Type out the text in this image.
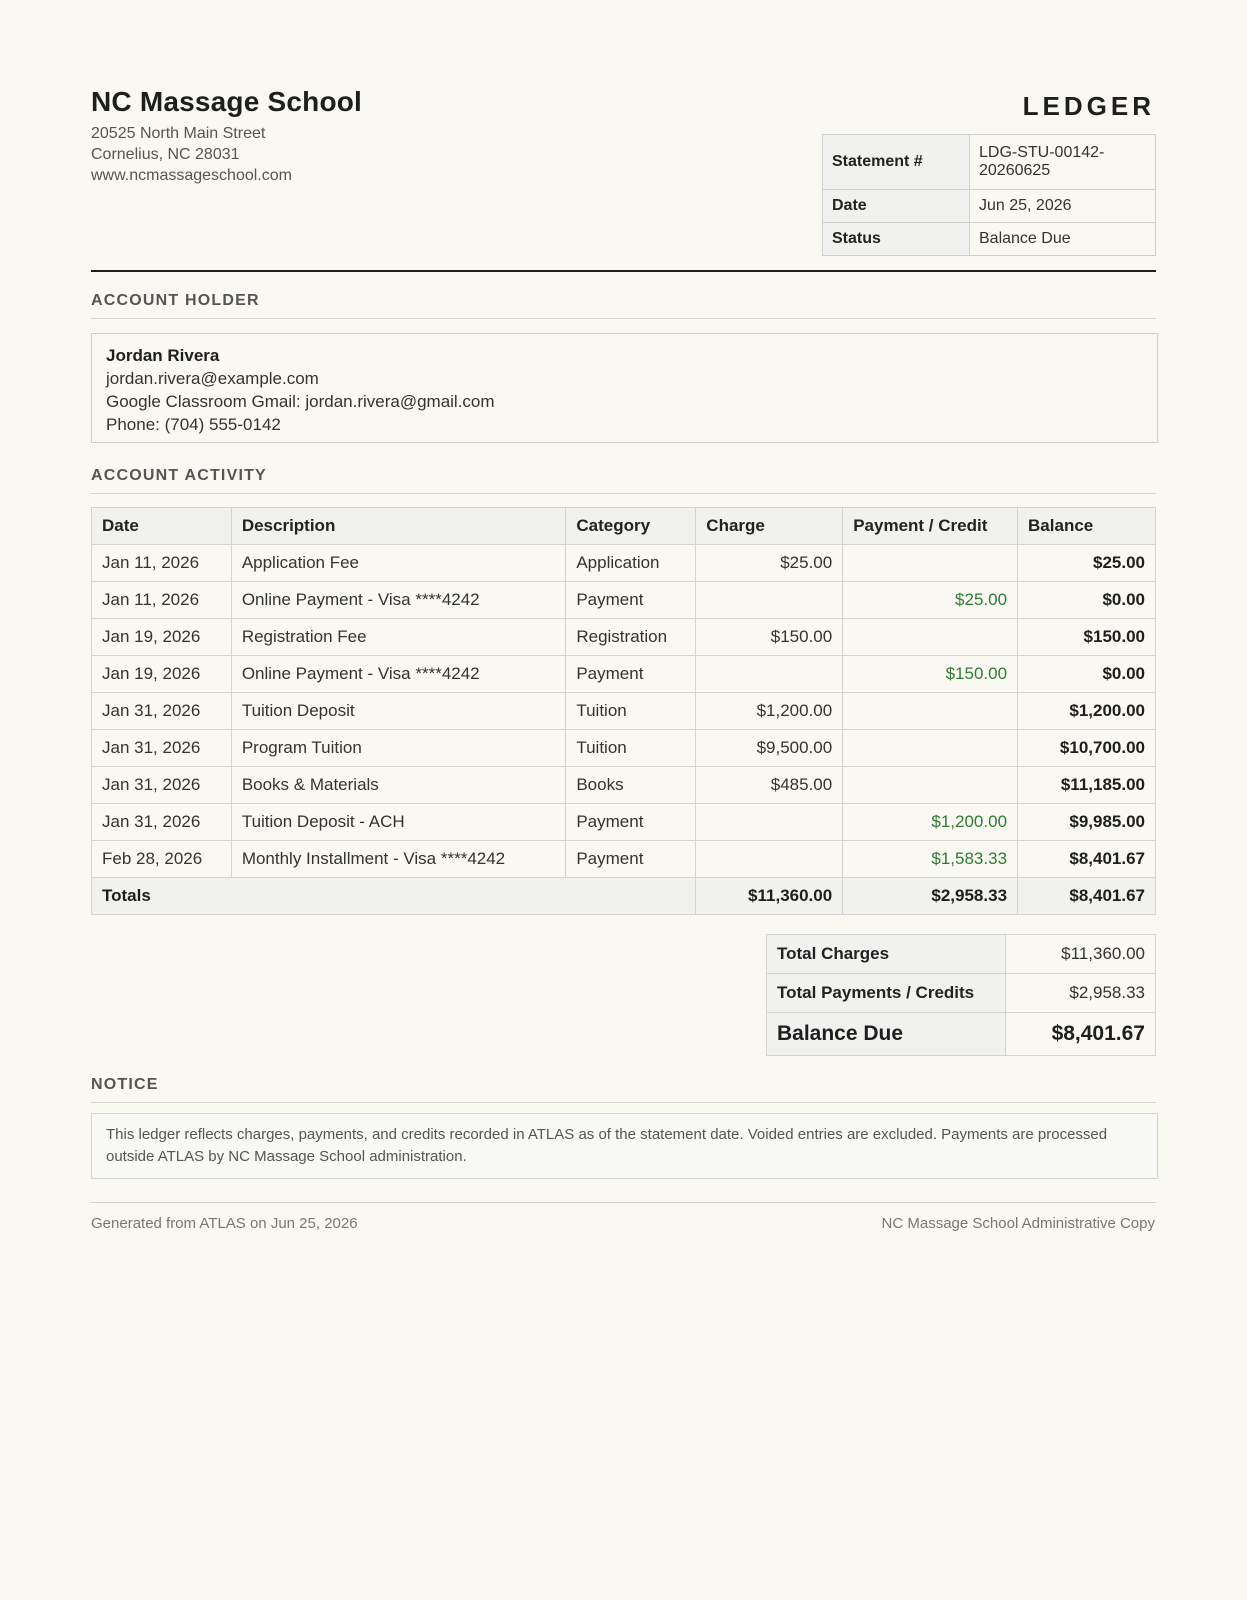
NC Massage School
20525 North Main Street
Cornelius, NC 28031
www.ncmassageschool.com
LEDGER
Statement #	LDG-STU-00142-20260625
Date	Jun 25, 2026
Status	Balance Due
ACCOUNT HOLDER
Jordan Rivera
jordan.rivera@example.com
Google Classroom Gmail: jordan.rivera@gmail.com
Phone: (704) 555-0142
ACCOUNT ACTIVITY
Date	Description	Category	Charge	Payment / Credit	Balance
Jan 11, 2026	Application Fee	Application	$25.00		$25.00
Jan 11, 2026	Online Payment - Visa ****4242	Payment		$25.00	$0.00
Jan 19, 2026	Registration Fee	Registration	$150.00		$150.00
Jan 19, 2026	Online Payment - Visa ****4242	Payment		$150.00	$0.00
Jan 31, 2026	Tuition Deposit	Tuition	$1,200.00		$1,200.00
Jan 31, 2026	Program Tuition	Tuition	$9,500.00		$10,700.00
Jan 31, 2026	Books & Materials	Books	$485.00		$11,185.00
Jan 31, 2026	Tuition Deposit - ACH	Payment		$1,200.00	$9,985.00
Feb 28, 2026	Monthly Installment - Visa ****4242	Payment		$1,583.33	$8,401.67
Totals			$11,360.00	$2,958.33	$8,401.67
Total Charges	$11,360.00
Total Payments / Credits	$2,958.33
Balance Due	$8,401.67
NOTICE
This ledger reflects charges, payments, and credits recorded in ATLAS as of the statement date. Voided entries are excluded. Payments are processed outside ATLAS by NC Massage School administration.
Generated from ATLAS on Jun 25, 2026	NC Massage School Administrative Copy
